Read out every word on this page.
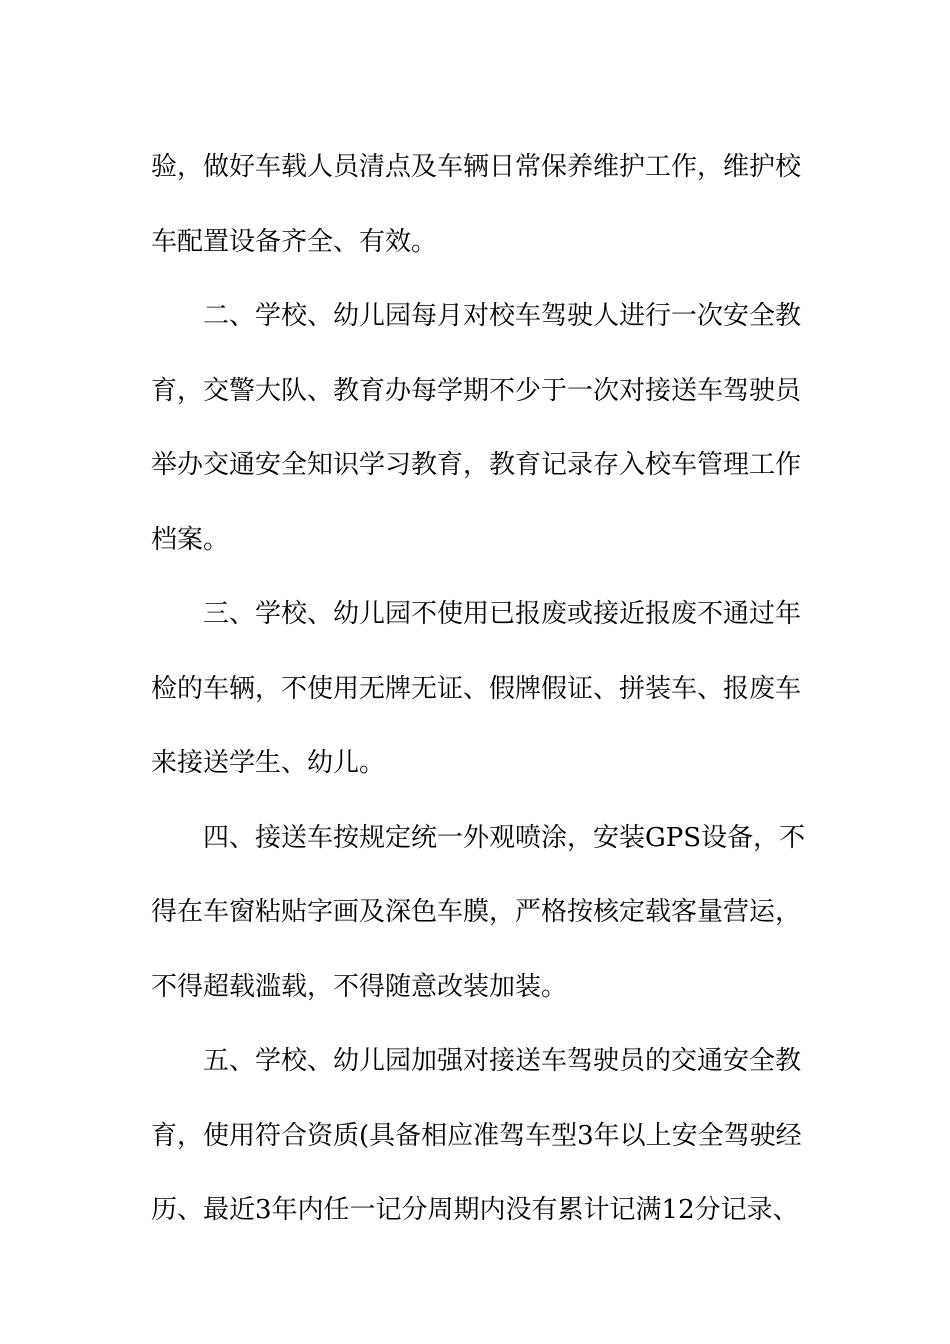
验，做好车载人员清点及车辆日常保养维护工作，维护校
车配置设备齐全、有效。
二、学校、幼儿园每月对校车驾驶人进行一次安全教
育，交警大队、教育办每学期不少于一次对接送车驾驶员
举办交通安全知识学习教育，教育记录存入校车管理工作
档案。
三、学校、幼儿园不使用已报废或接近报废不通过年
检的车辆，不使用无牌无证、假牌假证、拼装车、报废车
来接送学生、幼儿。
四、接送车按规定统一外观喷涂，安装GPS设备，不
得在车窗粘贴字画及深色车膜，严格按核定载客量营运，
不得超载滥载，不得随意改装加装。
五、学校、幼儿园加强对接送车驾驶员的交通安全教
育，使用符合资质(具备相应准驾车型3年以上安全驾驶经
历、最近3年内任一记分周期内没有累计记满12分记录、
